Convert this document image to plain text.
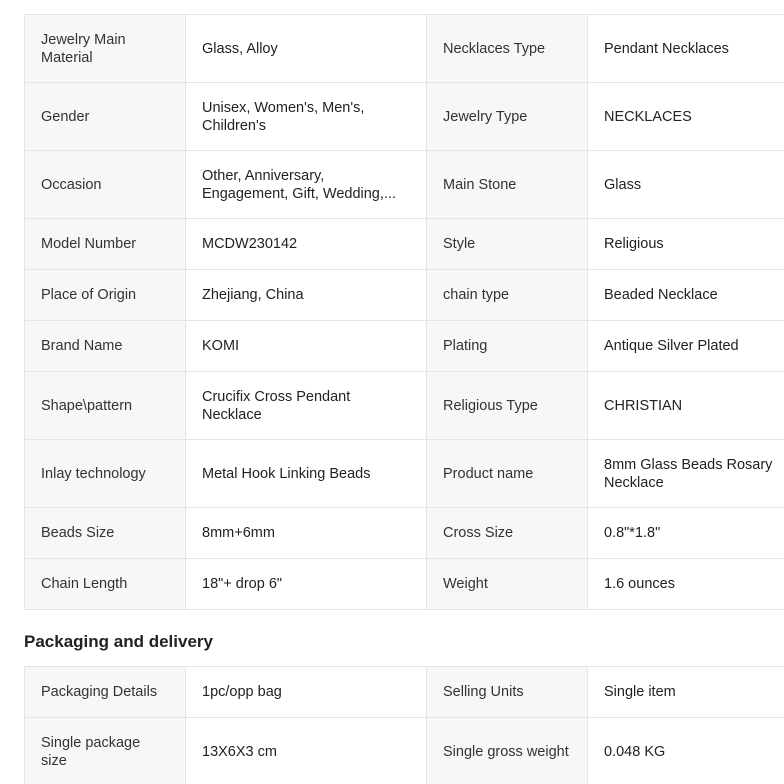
Jewelry Main Material	Glass, Alloy	Necklaces Type	Pendant Necklaces
Gender	Unisex, Women's, Men's, Children's	Jewelry Type	NECKLACES
Occasion	Other, Anniversary, Engagement, Gift, Wedding,...	Main Stone	Glass
Model Number	MCDW230142	Style	Religious
Place of Origin	Zhejiang, China	chain type	Beaded Necklace
Brand Name	KOMI	Plating	Antique Silver Plated
Shape\pattern	Crucifix Cross Pendant Necklace	Religious Type	CHRISTIAN
Inlay technology	Metal Hook Linking Beads	Product name	8mm Glass Beads Rosary Necklace
Beads Size	8mm+6mm	Cross Size	0.8"*1.8"
Chain Length	18"+ drop 6"	Weight	1.6 ounces
Packaging and delivery
Packaging Details	1pc/opp bag	Selling Units	Single item
Single package size	13X6X3 cm	Single gross weight	0.048 KG
